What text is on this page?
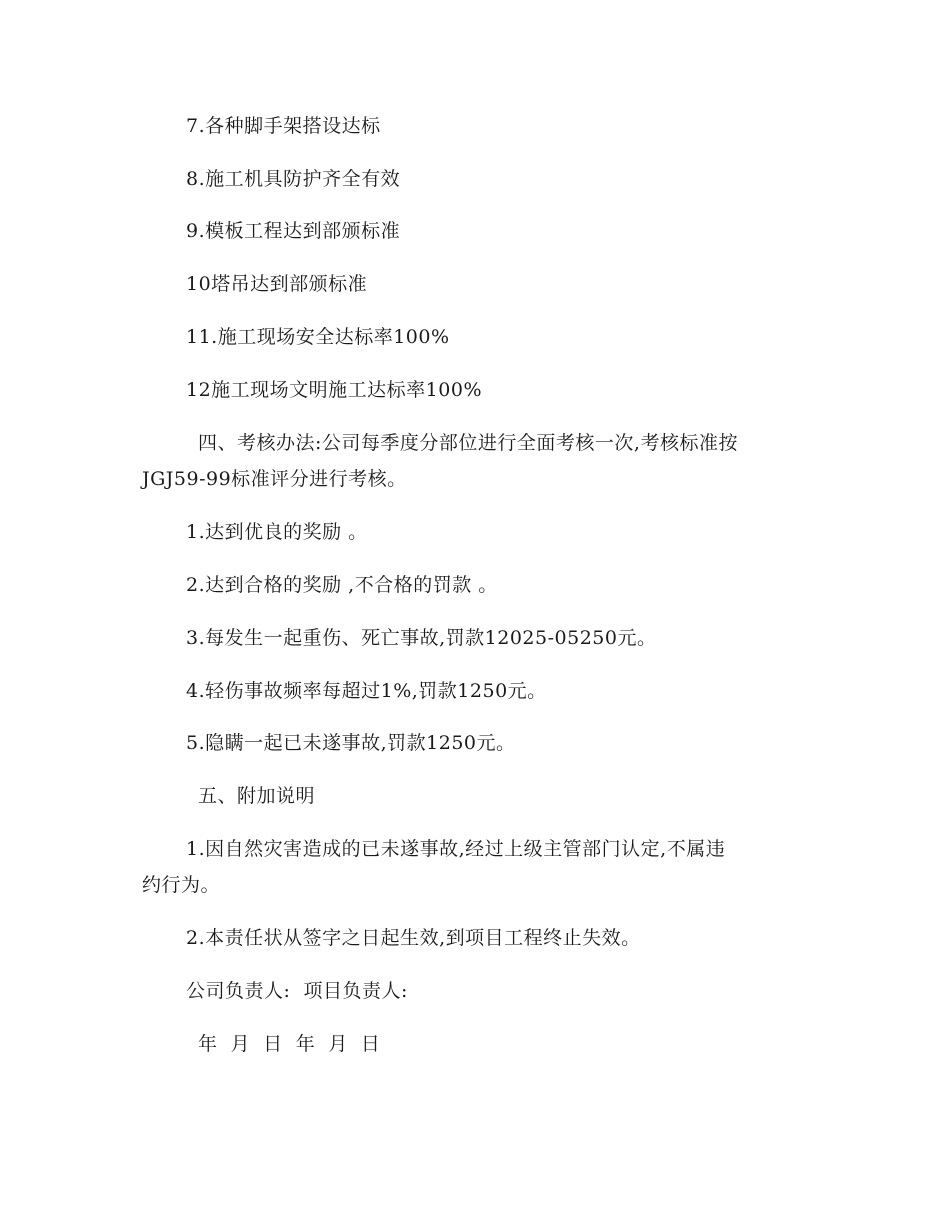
7.各种脚手架搭设达标
8.施工机具防护齐全有效
9.模板工程达到部颁标准
10塔吊达到部颁标准
11.施工现场安全达标率100%
12施工现场文明施工达标率100%
四、考核办法:公司每季度分部位进行全面考核一次,考核标准按
JGJ59-99标准评分进行考核。
1.达到优良的奖励 。
2.达到合格的奖励 ,不合格的罚款 。
3.每发生一起重伤、死亡事故,罚款12025-05250元。
4.轻伤事故频率每超过1%,罚款1250元。
5.隐瞒一起已未遂事故,罚款1250元。
五、附加说明
1.因自然灾害造成的已未遂事故,经过上级主管部门认定,不属违
约行为。
2.本责任状从签字之日起生效,到项目工程终止失效。
公司负责人:  项目负责人:
年  月  日  年  月  日
